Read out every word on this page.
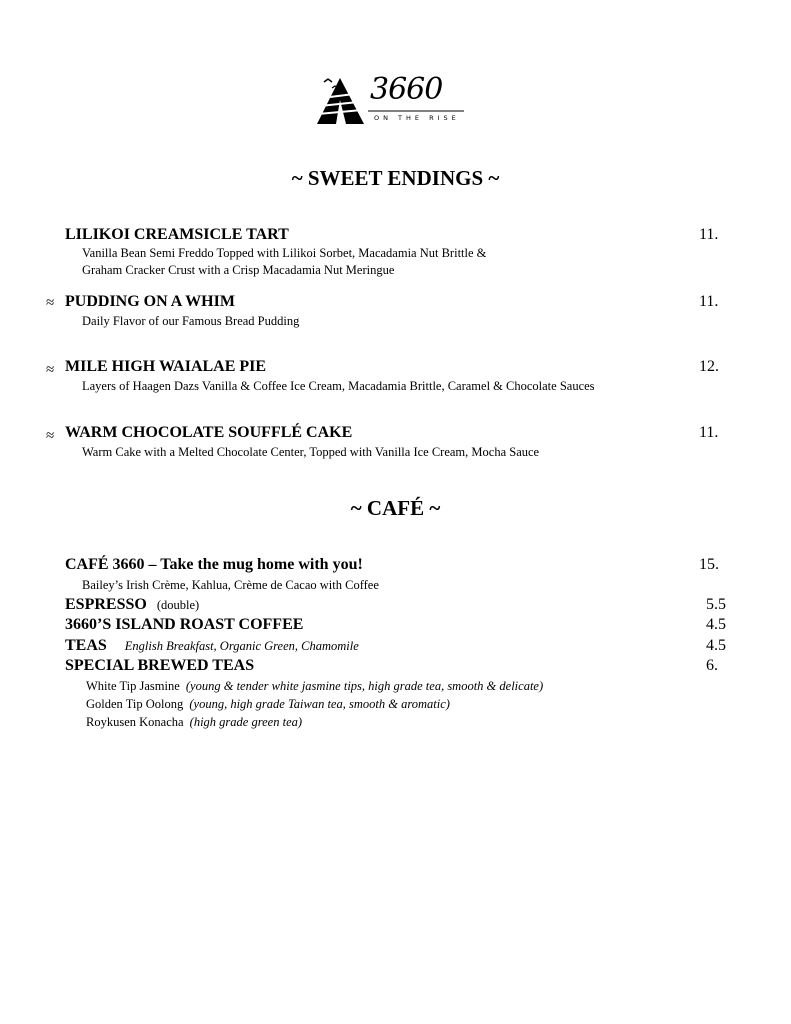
3660
ON THE RISE
~ SWEET ENDINGS ~
LILIKOI CREAMSICLE TART	11.
Vanilla Bean Semi Freddo Topped with Lilikoi Sorbet, Macadamia Nut Brittle &
Graham Cracker Crust with a Crisp Macadamia Nut Meringue
≈ PUDDING ON A WHIM	11.
Daily Flavor of our Famous Bread Pudding
≈ MILE HIGH WAIALAE PIE	12.
Layers of Haagen Dazs Vanilla & Coffee Ice Cream, Macadamia Brittle, Caramel & Chocolate Sauces
≈ WARM CHOCOLATE SOUFFLÉ CAKE	11.
Warm Cake with a Melted Chocolate Center, Topped with Vanilla Ice Cream, Mocha Sauce
~ CAFÉ ~
CAFÉ 3660 – Take the mug home with you!	15.
Bailey’s Irish Crème, Kahlua, Crème de Cacao with Coffee
ESPRESSO (double)	5.5
3660’S ISLAND ROAST COFFEE	4.5
TEAS English Breakfast, Organic Green, Chamomile	4.5
SPECIAL BREWED TEAS	6.
White Tip Jasmine (young & tender white jasmine tips, high grade tea, smooth & delicate)
Golden Tip Oolong (young, high grade Taiwan tea, smooth & aromatic)
Roykusen Konacha (high grade green tea)
